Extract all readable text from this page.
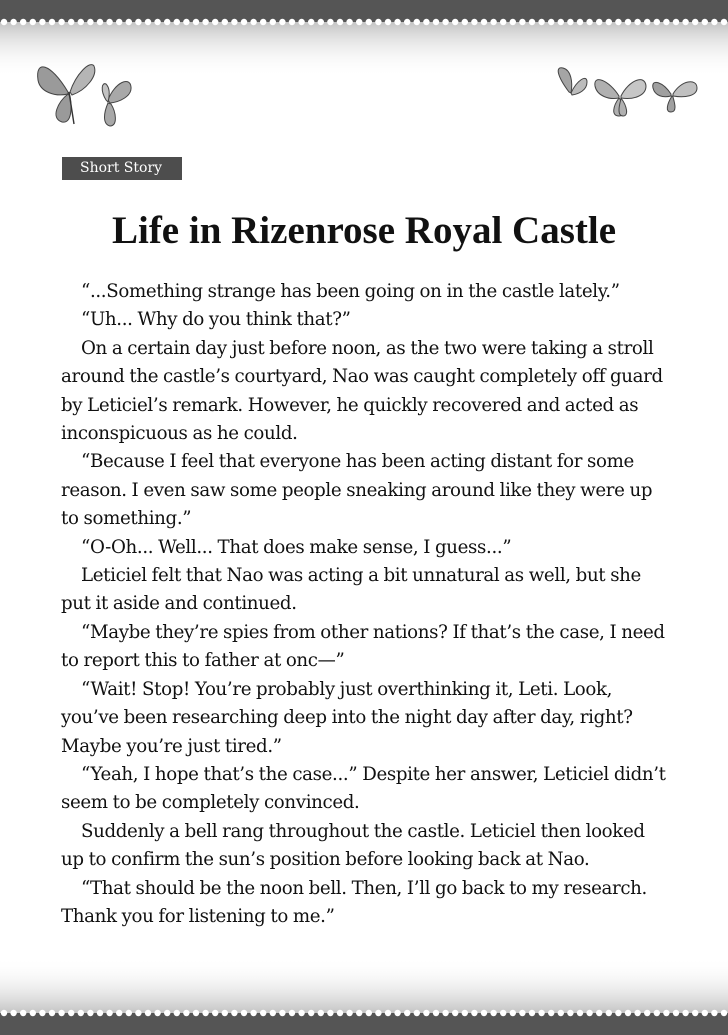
Short Story
Life in Rizenrose Royal Castle

“...Something strange has been going on in the castle lately.”

“Uh... Why do you think that?”

On a certain day just before noon, as the two were taking a stroll around the castle’s courtyard, Nao was caught completely off guard by Leticiel’s remark. However, he quickly recovered and acted as inconspicuous as he could.

“Because I feel that everyone has been acting distant for some reason. I even saw some people sneaking around like they were up to something.”

“O-Oh... Well... That does make sense, I guess...”

Leticiel felt that Nao was acting a bit unnatural as well, but she put it aside and continued.

“Maybe they’re spies from other nations? If that’s the case, I need to report this to father at onc—”

“Wait! Stop! You’re probably just overthinking it, Leti. Look, you’ve been researching deep into the night day after day, right? Maybe you’re just tired.”

“Yeah, I hope that’s the case...” Despite her answer, Leticiel didn’t seem to be completely convinced.

Suddenly a bell rang throughout the castle. Leticiel then looked up to confirm the sun’s position before looking back at Nao.

“That should be the noon bell. Then, I’ll go back to my research. Thank you for listening to me.”
